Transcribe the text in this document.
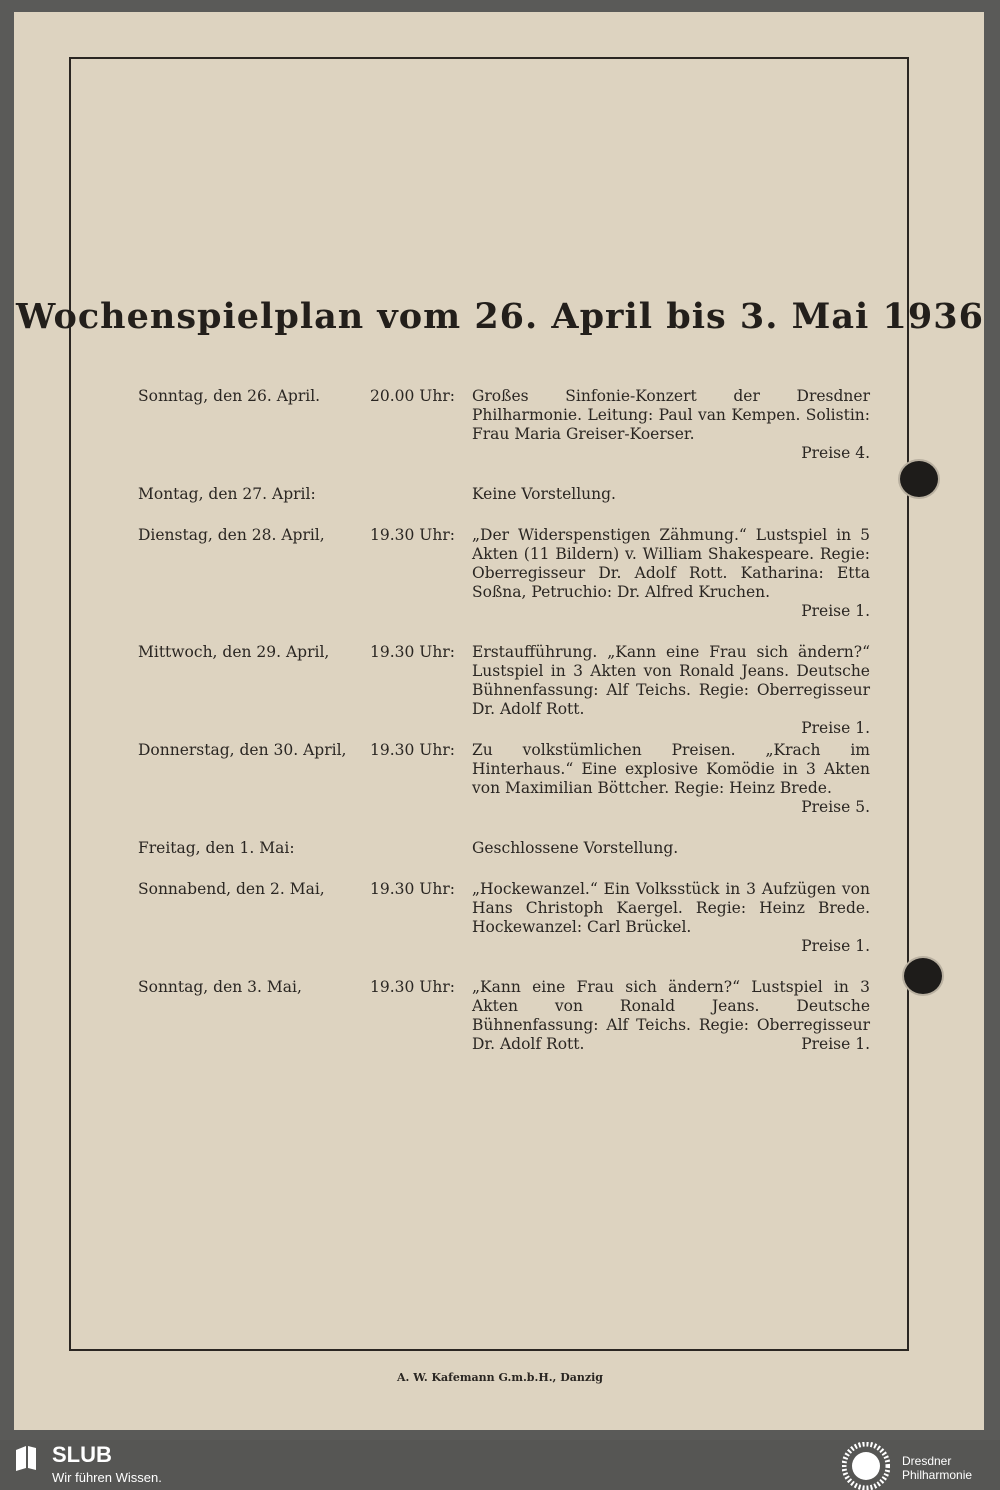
Wochenspielplan vom 26. April bis 3. Mai 1936
Sonntag, den 26. April.	20.00 Uhr:	Großes Sinfonie-Konzert der Dresdner Philharmonie. Leitung: Paul van Kempen. Solistin: Frau Maria Greiser-Koerser.
Preise 4.
Montag, den 27. April:	Keine Vorstellung.
Dienstag, den 28. April,	19.30 Uhr:	„Der Widerspenstigen Zähmung.“ Lustspiel in 5 Akten (11 Bildern) v. William Shakespeare. Regie: Oberregisseur Dr. Adolf Rott. Katharina: Etta Soßna, Petruchio: Dr. Alfred Kruchen.
Preise 1.
Mittwoch, den 29. April,	19.30 Uhr:	Erstaufführung. „Kann eine Frau sich ändern?“ Lustspiel in 3 Akten von Ronald Jeans. Deutsche Bühnenfassung: Alf Teichs. Regie: Oberregisseur Dr. Adolf Rott.
Preise 1.
Donnerstag, den 30. April,	19.30 Uhr:	Zu volkstümlichen Preisen. „Krach im Hinterhaus.“ Eine explosive Komödie in 3 Akten von Maximilian Böttcher. Regie: Heinz Brede.
Preise 5.
Freitag, den 1. Mai:	Geschlossene Vorstellung.
Sonnabend, den 2. Mai,	19.30 Uhr:	„Hockewanzel.“ Ein Volksstück in 3 Aufzügen von Hans Christoph Kaergel. Regie: Heinz Brede. Hockewanzel: Carl Brückel.
Preise 1.
Sonntag, den 3. Mai,	19.30 Uhr:	„Kann eine Frau sich ändern?“ Lustspiel in 3 Akten von Ronald Jeans. Deutsche Bühnenfassung: Alf Teichs. Regie: Oberregisseur Dr. Adolf Rott.	Preise 1.
A. W. Kafemann G.m.b.H., Danzig
SLUB
Wir führen Wissen.
Dresdner
Philharmonie
